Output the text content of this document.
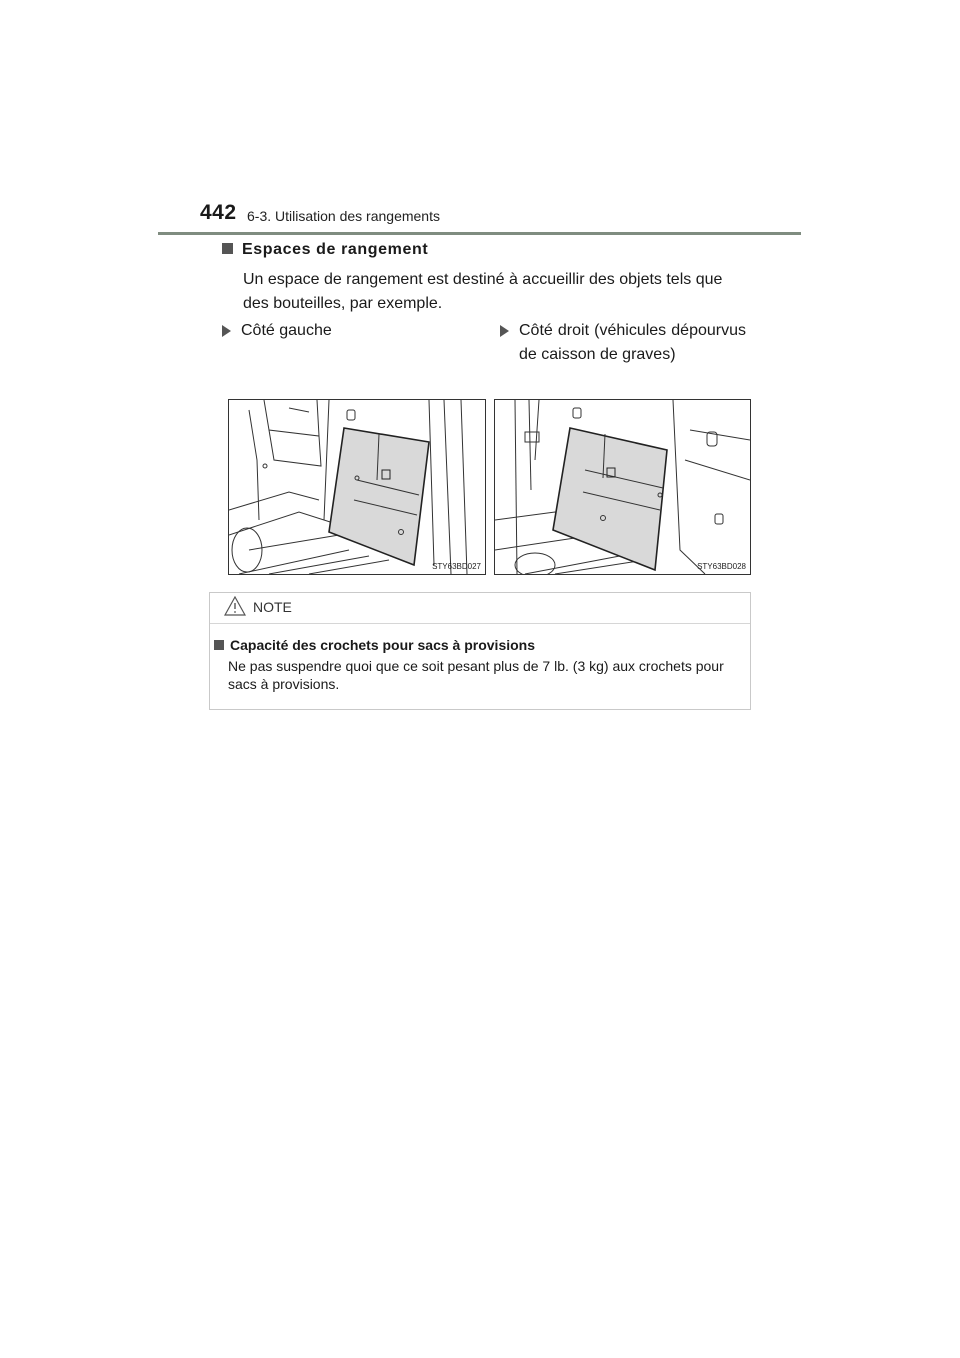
442 6-3. Utilisation des rangements
Espaces de rangement
Un espace de rangement est destiné à accueillir des objets tels que des bouteilles, par exemple.
Côté gauche	Côté droit (véhicules dépourvus de caisson de graves)
STY63BD027	STY63BD028
NOTE
Capacité des crochets pour sacs à provisions
Ne pas suspendre quoi que ce soit pesant plus de 7 lb. (3 kg) aux crochets pour sacs à provisions.
